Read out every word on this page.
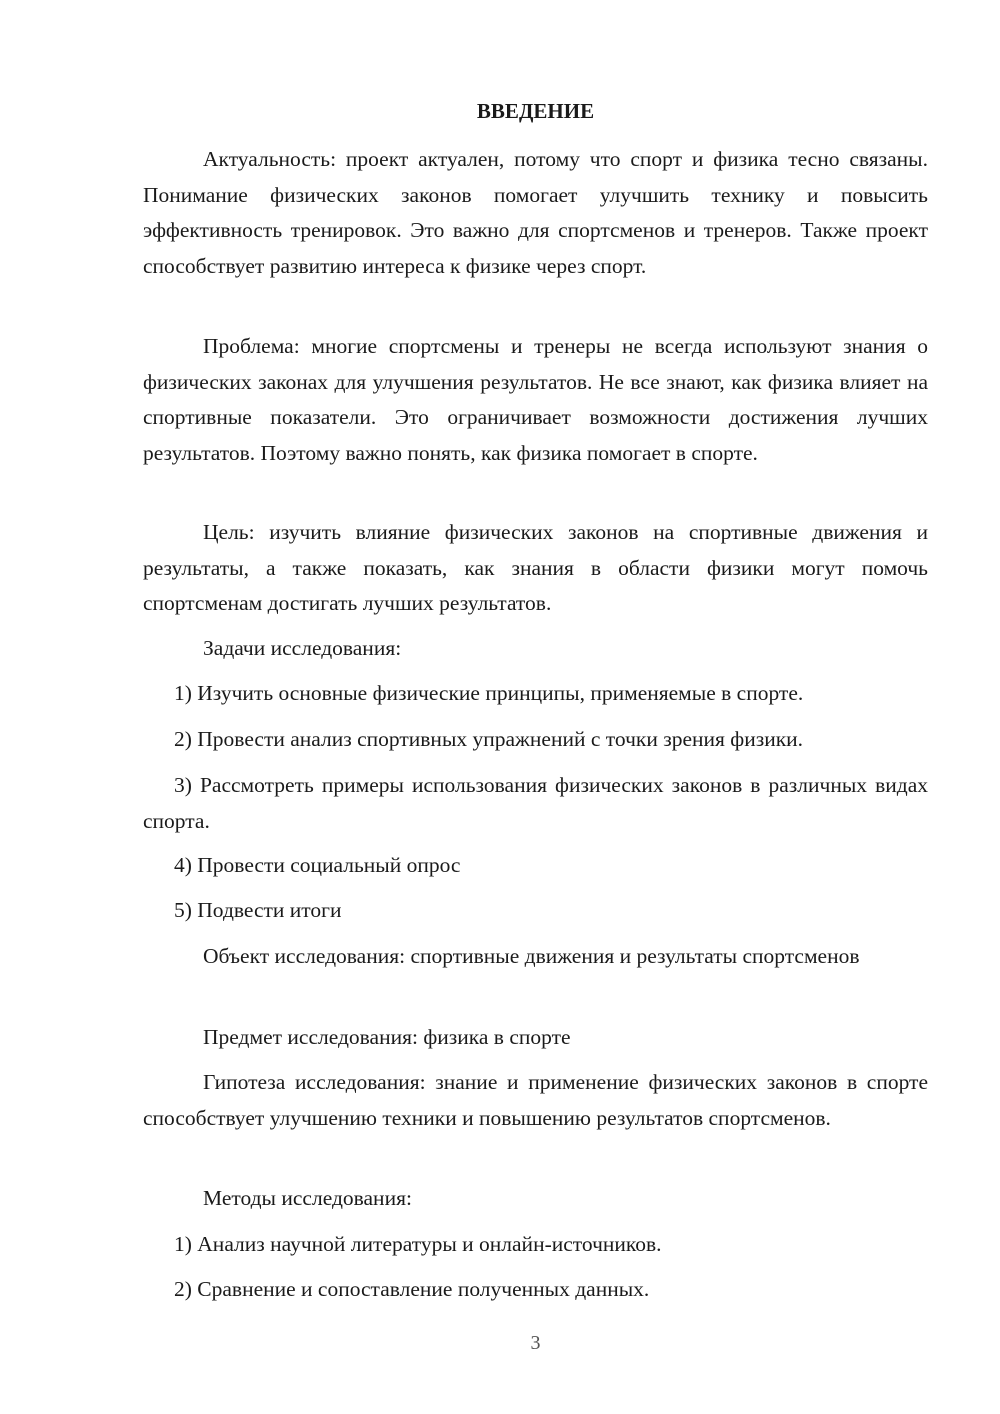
ВВЕДЕНИЕ

Актуальность: проект актуален, потому что спорт и физика тесно связаны. Понимание физических законов помогает улучшить технику и повысить эффективность тренировок. Это важно для спортсменов и тренеров. Также проект способствует развитию интереса к физике через спорт.

Проблема: многие спортсмены и тренеры не всегда используют знания о физических законах для улучшения результатов. Не все знают, как физика влияет на спортивные показатели. Это ограничивает возможности достижения лучших результатов. Поэтому важно понять, как физика помогает в спорте.

Цель: изучить влияние физических законов на спортивные движения и результаты, а также показать, как знания в области физики могут помочь спортсменам достигать лучших результатов.

Задачи исследования:

1) Изучить основные физические принципы, применяемые в спорте.

2) Провести анализ спортивных упражнений с точки зрения физики.

3) Рассмотреть примеры использования физических законов в различных видах спорта.

4) Провести социальный опрос

5) Подвести итоги

Объект исследования: спортивные движения и результаты спортсменов

Предмет исследования: физика в спорте

Гипотеза исследования: знание и применение физических законов в спорте способствует улучшению техники и повышению результатов спортсменов.

Методы исследования:

1) Анализ научной литературы и онлайн-источников.

2) Сравнение и сопоставление полученных данных.

3
